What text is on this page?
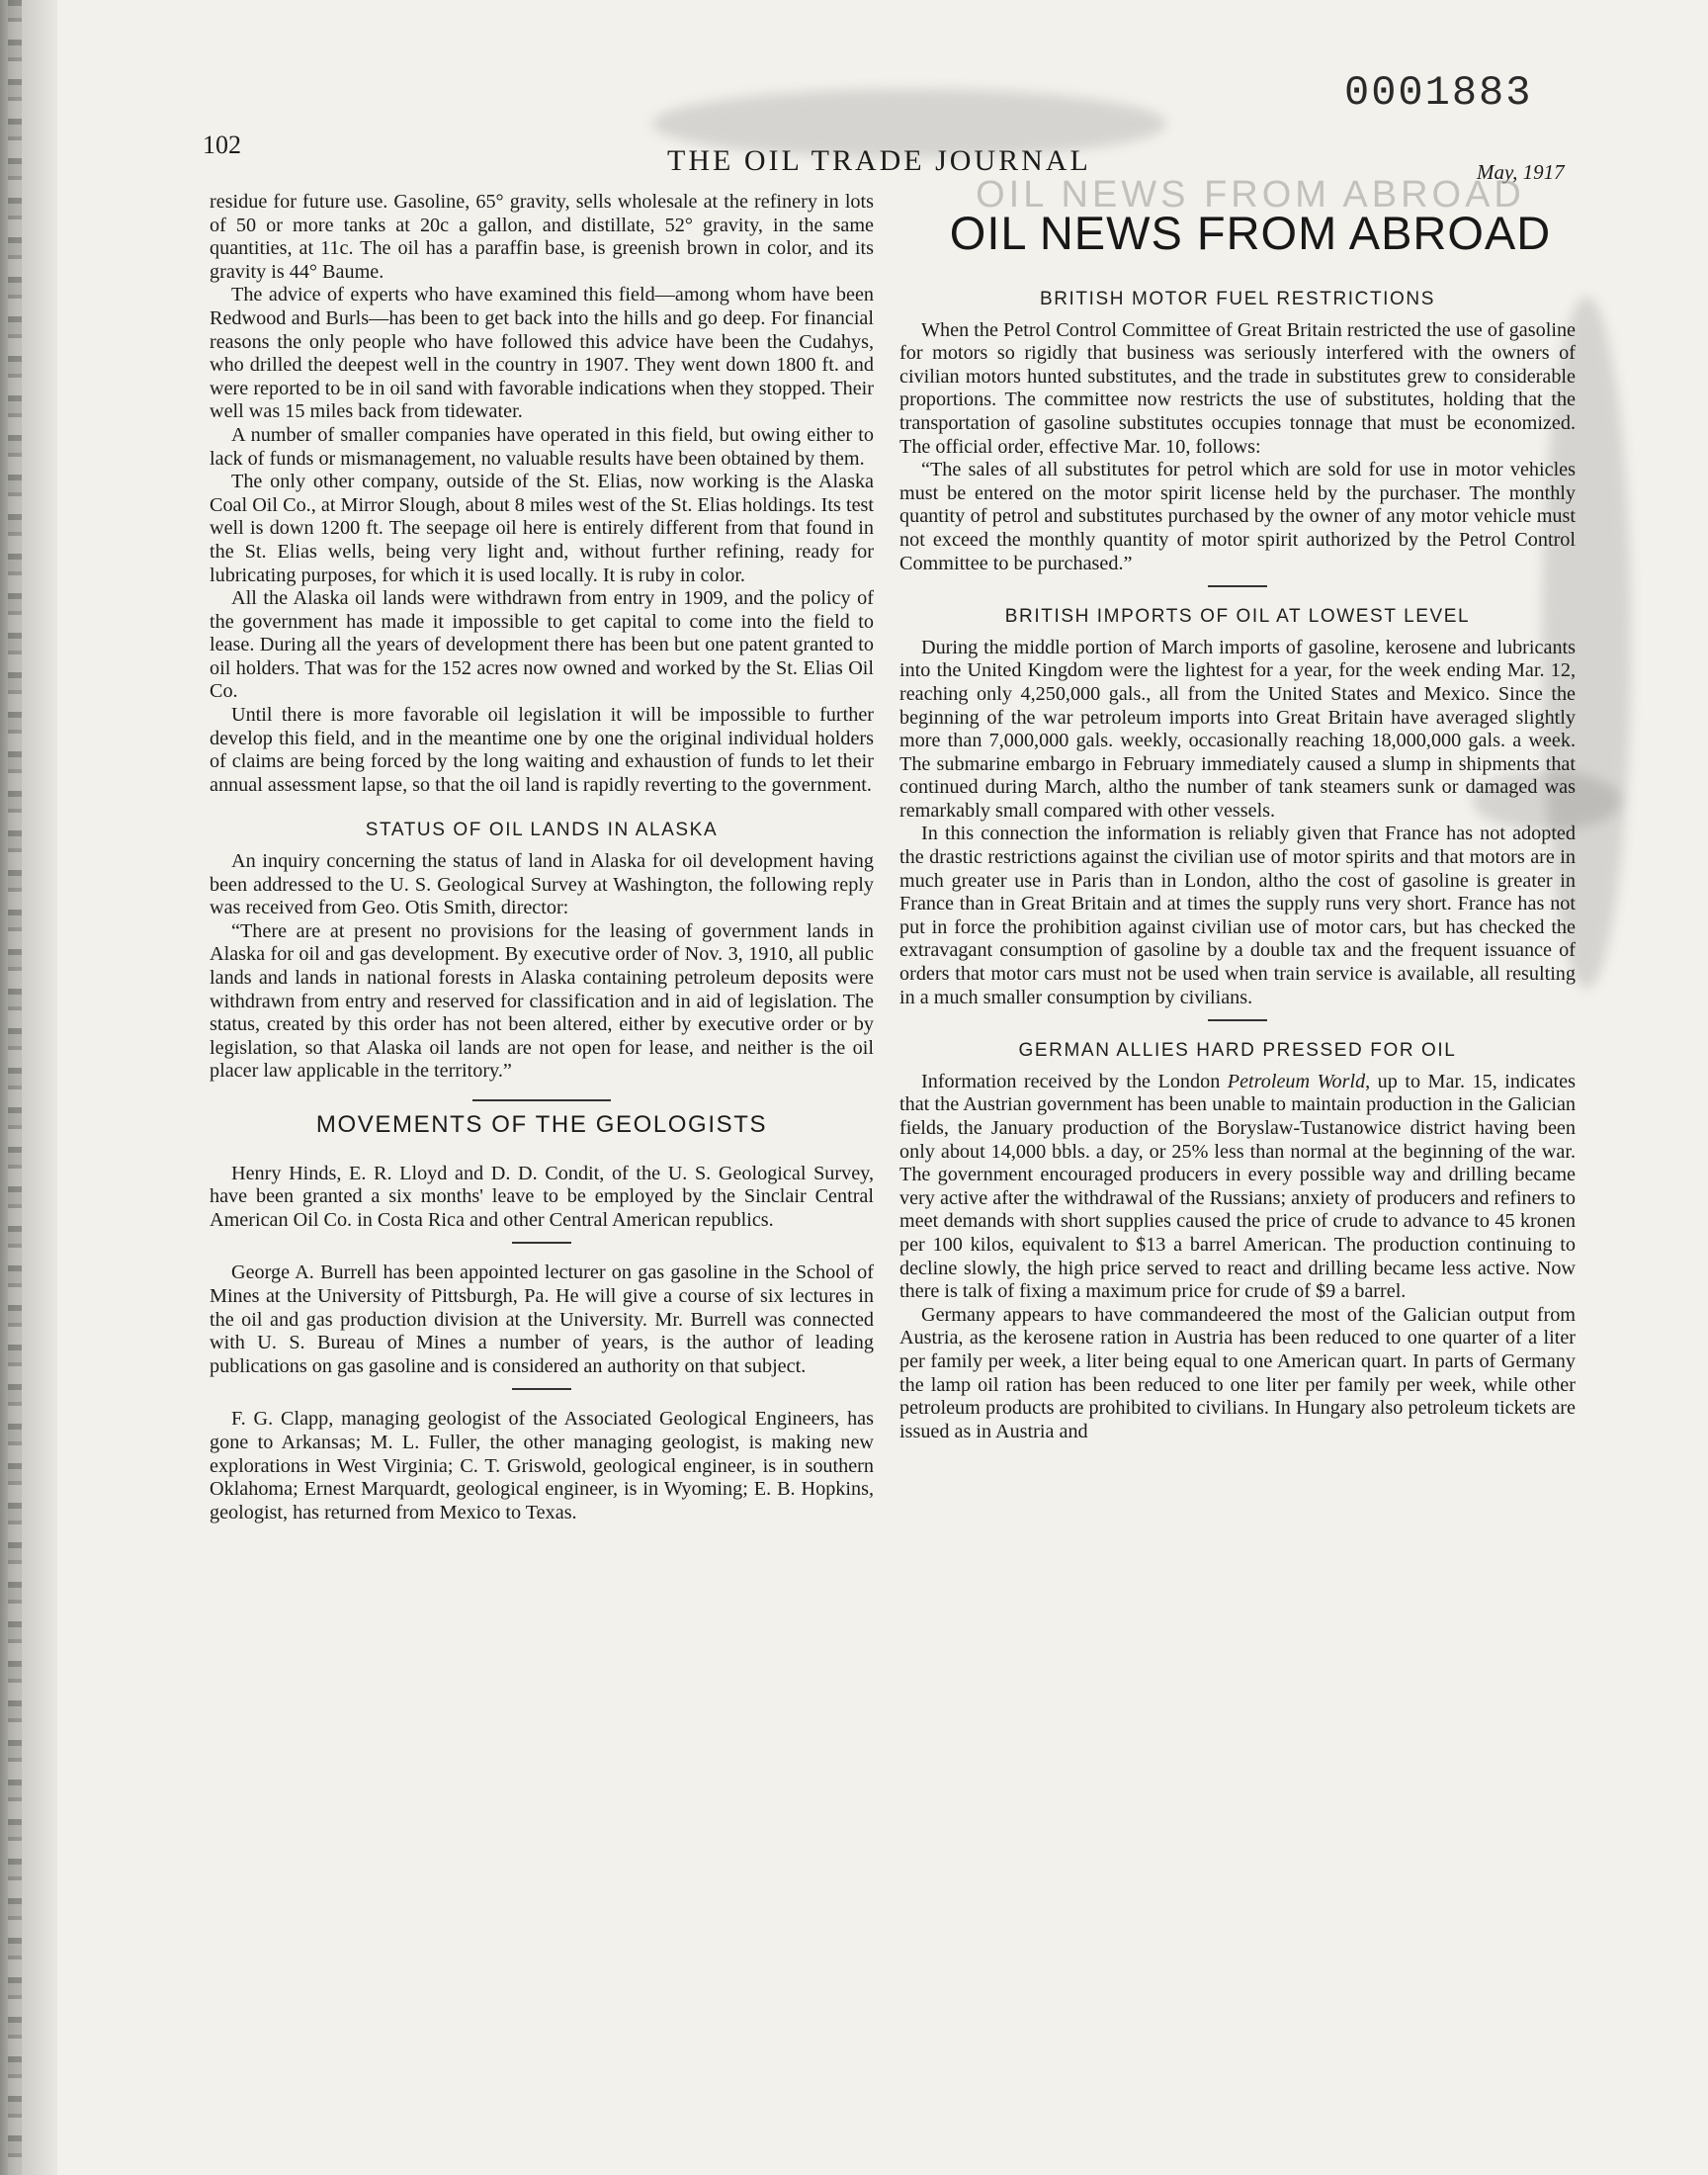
0001883
102	THE OIL TRADE JOURNAL	May, 1917
OIL NEWS FROM ABROAD
OIL NEWS FROM ABROAD

residue for future use. Gasoline, 65° gravity, sells wholesale at the refinery in lots of 50 or more tanks at 20c a gallon, and distillate, 52° gravity, in the same quantities, at 11c. The oil has a paraffin base, is greenish brown in color, and its gravity is 44° Baume.

The advice of experts who have examined this field—among whom have been Redwood and Burls—has been to get back into the hills and go deep. For financial reasons the only people who have followed this advice have been the Cudahys, who drilled the deepest well in the country in 1907. They went down 1800 ft. and were reported to be in oil sand with favorable indications when they stopped. Their well was 15 miles back from tidewater.

A number of smaller companies have operated in this field, but owing either to lack of funds or mismanagement, no valuable results have been obtained by them.

The only other company, outside of the St. Elias, now working is the Alaska Coal Oil Co., at Mirror Slough, about 8 miles west of the St. Elias holdings. Its test well is down 1200 ft. The seepage oil here is entirely different from that found in the St. Elias wells, being very light and, without further refining, ready for lubricating purposes, for which it is used locally. It is ruby in color.

All the Alaska oil lands were withdrawn from entry in 1909, and the policy of the government has made it impossible to get capital to come into the field to lease. During all the years of development there has been but one patent granted to oil holders. That was for the 152 acres now owned and worked by the St. Elias Oil Co.

Until there is more favorable oil legislation it will be impossible to further develop this field, and in the meantime one by one the original individual holders of claims are being forced by the long waiting and exhaustion of funds to let their annual assessment lapse, so that the oil land is rapidly reverting to the government.

STATUS OF OIL LANDS IN ALASKA

An inquiry concerning the status of land in Alaska for oil development having been addressed to the U. S. Geological Survey at Washington, the following reply was received from Geo. Otis Smith, director:

“There are at present no provisions for the leasing of government lands in Alaska for oil and gas development. By executive order of Nov. 3, 1910, all public lands and lands in national forests in Alaska containing petroleum deposits were withdrawn from entry and reserved for classification and in aid of legislation. The status, created by this order has not been altered, either by executive order or by legislation, so that Alaska oil lands are not open for lease, and neither is the oil placer law applicable in the territory.”

MOVEMENTS OF THE GEOLOGISTS

Henry Hinds, E. R. Lloyd and D. D. Condit, of the U. S. Geological Survey, have been granted a six months' leave to be employed by the Sinclair Central American Oil Co. in Costa Rica and other Central American republics.

George A. Burrell has been appointed lecturer on gas gasoline in the School of Mines at the University of Pittsburgh, Pa. He will give a course of six lectures in the oil and gas production division at the University. Mr. Burrell was connected with U. S. Bureau of Mines a number of years, is the author of leading publications on gas gasoline and is considered an authority on that subject.

F. G. Clapp, managing geologist of the Associated Geological Engineers, has gone to Arkansas; M. L. Fuller, the other managing geologist, is making new explorations in West Virginia; C. T. Griswold, geological engineer, is in southern Oklahoma; Ernest Marquardt, geological engineer, is in Wyoming; E. B. Hopkins, geologist, has returned from Mexico to Texas.

BRITISH MOTOR FUEL RESTRICTIONS

When the Petrol Control Committee of Great Britain restricted the use of gasoline for motors so rigidly that business was seriously interfered with the owners of civilian motors hunted substitutes, and the trade in substitutes grew to considerable proportions. The committee now restricts the use of substitutes, holding that the transportation of gasoline substitutes occupies tonnage that must be economized. The official order, effective Mar. 10, follows:

“The sales of all substitutes for petrol which are sold for use in motor vehicles must be entered on the motor spirit license held by the purchaser. The monthly quantity of petrol and substitutes purchased by the owner of any motor vehicle must not exceed the monthly quantity of motor spirit authorized by the Petrol Control Committee to be purchased.”

BRITISH IMPORTS OF OIL AT LOWEST LEVEL

During the middle portion of March imports of gasoline, kerosene and lubricants into the United Kingdom were the lightest for a year, for the week ending Mar. 12, reaching only 4,250,000 gals., all from the United States and Mexico. Since the beginning of the war petroleum imports into Great Britain have averaged slightly more than 7,000,000 gals. weekly, occasionally reaching 18,000,000 gals. a week. The submarine embargo in February immediately caused a slump in shipments that continued during March, altho the number of tank steamers sunk or damaged was remarkably small compared with other vessels.

In this connection the information is reliably given that France has not adopted the drastic restrictions against the civilian use of motor spirits and that motors are in much greater use in Paris than in London, altho the cost of gasoline is greater in France than in Great Britain and at times the supply runs very short. France has not put in force the prohibition against civilian use of motor cars, but has checked the extravagant consumption of gasoline by a double tax and the frequent issuance of orders that motor cars must not be used when train service is available, all resulting in a much smaller consumption by civilians.

GERMAN ALLIES HARD PRESSED FOR OIL

Information received by the London Petroleum World, up to Mar. 15, indicates that the Austrian government has been unable to maintain production in the Galician fields, the January production of the Boryslaw-Tustanowice district having been only about 14,000 bbls. a day, or 25% less than normal at the beginning of the war. The government encouraged producers in every possible way and drilling became very active after the withdrawal of the Russians; anxiety of producers and refiners to meet demands with short supplies caused the price of crude to advance to 45 kronen per 100 kilos, equivalent to $13 a barrel American. The production continuing to decline slowly, the high price served to react and drilling became less active. Now there is talk of fixing a maximum price for crude of $9 a barrel.

Germany appears to have commandeered the most of the Galician output from Austria, as the kerosene ration in Austria has been reduced to one quarter of a liter per family per week, a liter being equal to one American quart. In parts of Germany the lamp oil ration has been reduced to one liter per family per week, while other petroleum products are prohibited to civilians. In Hungary also petroleum tickets are issued as in Austria and
